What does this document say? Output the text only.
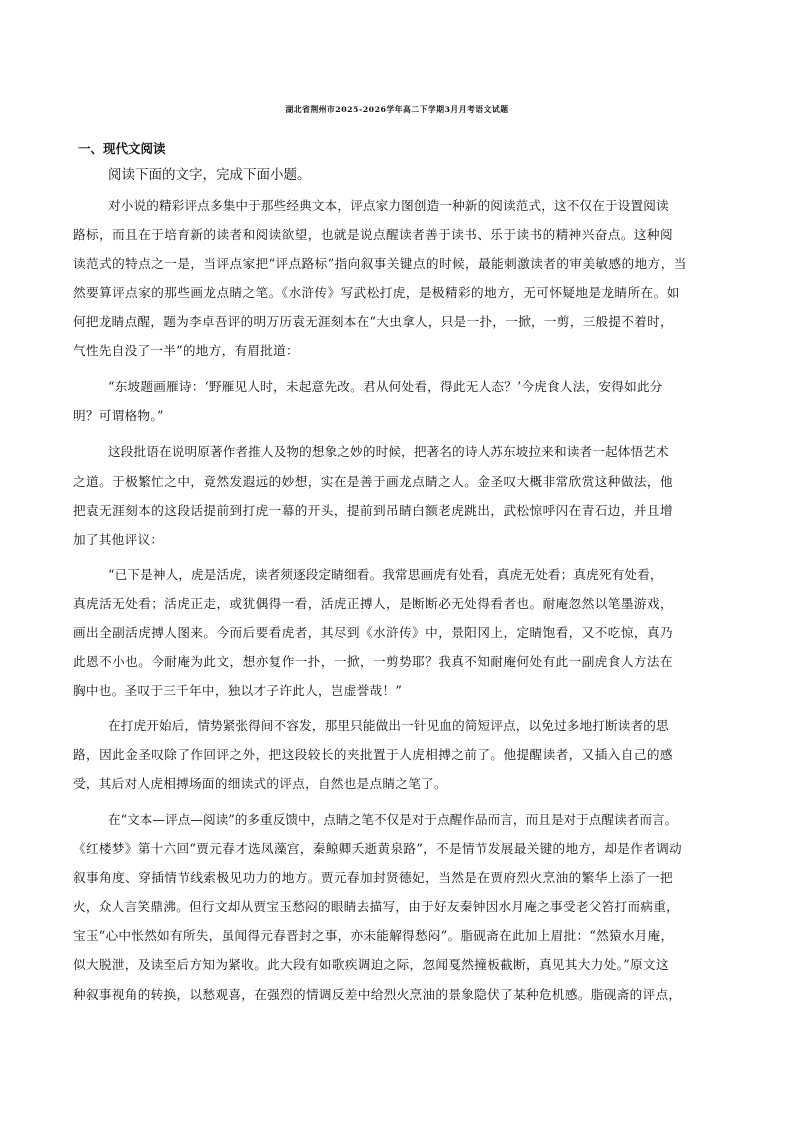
湖北省荆州市2025-2026学年高二下学期3月月考语文试题
一、现代文阅读
阅读下面的文字，完成下面小题。
对小说的精彩评点多集中于那些经典文本，评点家力图创造一种新的阅读范式，这不仅在于设置阅读
路标，而且在于培育新的读者和阅读欲望，也就是说点醒读者善于读书、乐于读书的精神兴奋点。这种阅
读范式的特点之一是，当评点家把“评点路标”指向叙事关键点的时候，最能刺激读者的审美敏感的地方，当
然要算评点家的那些画龙点睛之笔。《水浒传》写武松打虎，是极精彩的地方，无可怀疑地是龙睛所在。如
何把龙睛点醒，题为李卓吾评的明万历袁无涯刻本在“大虫拿人，只是一扑，一掀，一剪，三般提不着时，
气性先自没了一半”的地方，有眉批道：
“东坡题画雁诗：‘野雁见人时，未起意先改。君从何处看，得此无人态？’今虎食人法，安得如此分
明？可谓格物。”
这段批语在说明原著作者推人及物的想象之妙的时候，把著名的诗人苏东坡拉来和读者一起体悟艺术
之道。于极繁忙之中，竟然发遐远的妙想，实在是善于画龙点睛之人。金圣叹大概非常欣赏这种做法，他
把袁无涯刻本的这段话提前到打虎一幕的开头，提前到吊睛白额老虎跳出，武松惊呼闪在青石边，并且增
加了其他评议：
“已下是神人，虎是活虎，读者须逐段定睛细看。我常思画虎有处看，真虎无处看；真虎死有处看，
真虎活无处看；活虎正走，或犹偶得一看，活虎正搏人，是断断必无处得看者也。耐庵忽然以笔墨游戏，
画出全副活虎搏人图来。今而后要看虎者，其尽到《水浒传》中，景阳冈上，定睛饱看，又不吃惊，真乃
此恩不小也。今耐庵为此文，想亦复作一扑，一掀，一剪势耶？我真不知耐庵何处有此一副虎食人方法在
胸中也。圣叹于三千年中，独以才子许此人，岂虚誉哉！”
在打虎开始后，情势紧张得间不容发，那里只能做出一针见血的简短评点，以免过多地打断读者的思
路，因此金圣叹除了作回评之外，把这段较长的夹批置于人虎相搏之前了。他提醒读者，又插入自己的感
受，其后对人虎相搏场面的细读式的评点，自然也是点睛之笔了。
在“文本—评点—阅读”的多重反馈中，点睛之笔不仅是对于点醒作品而言，而且是对于点醒读者而言。
《红楼梦》第十六回“贾元春才选凤藻宫，秦鲸卿夭逝黄泉路”，不是情节发展最关键的地方，却是作者调动
叙事角度、穿插情节线索极见功力的地方。贾元春加封贤德妃，当然是在贾府烈火烹油的繁华上添了一把
火，众人言笑鼎沸。但行文却从贾宝玉愁闷的眼睛去描写，由于好友秦钟因水月庵之事受老父笞打而病重，
宝玉“心中怅然如有所失，虽闻得元春晋封之事，亦未能解得愁闷”。脂砚斋在此加上眉批：“然猿水月庵，
似大脱泄，及读至后方知为紧收。此大段有如歌疾调迫之际，忽闻戛然撞板截断，真见其大力处。”原文这
种叙事视角的转换，以愁观喜，在强烈的情调反差中给烈火烹油的景象隐伏了某种危机感。脂砚斋的评点，
